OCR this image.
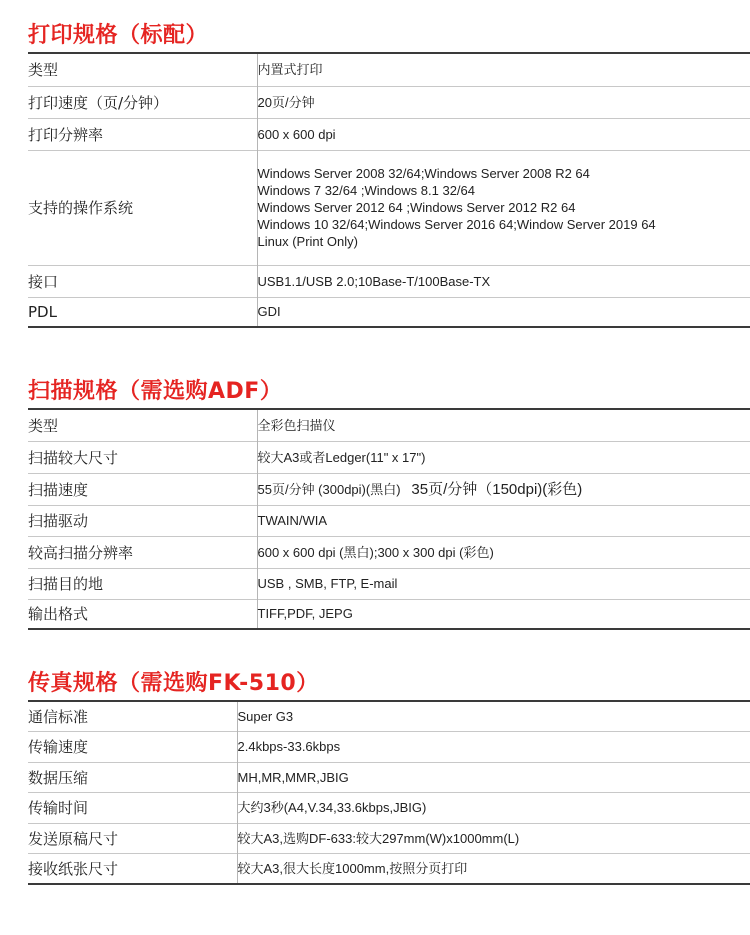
打印规格（标配）
类型	内置式打印
打印速度（页/分钟）	20页/分钟
打印分辨率	600 x 600 dpi
支持的操作系统	Windows Server 2008 32/64;Windows Server 2008 R2 64
Windows 7 32/64 ;Windows 8.1 32/64
Windows Server 2012 64 ;Windows Server 2012 R2 64
Windows 10 32/64;Windows Server 2016 64;Window Server 2019 64
Linux (Print Only)

接口	USB1.1/USB 2.0;10Base-T/100Base-TX
PDL	GDI
扫描规格（需选购ADF）
类型	全彩色扫描仪
扫描较大尺寸	较大A3或者Ledger(11" x 17")
扫描速度	55页/分钟 (300dpi)(黑白) 35页/分钟（150dpi)(彩色)
扫描驱动	TWAIN/WIA
较高扫描分辨率	600 x 600 dpi (黑白);300 x 300 dpi (彩色)
扫描目的地	USB , SMB, FTP, E-mail
输出格式	TIFF,PDF, JEPG
传真规格（需选购FK-510）
通信标准	Super G3
传输速度	2.4kbps-33.6kbps
数据压缩	MH,MR,MMR,JBIG
传输时间	大约3秒(A4,V.34,33.6kbps,JBIG)
发送原稿尺寸	较大A3,选购DF-633:较大297mm(W)x1000mm(L)
接收纸张尺寸	较大A3,很大长度1000mm,按照分页打印
